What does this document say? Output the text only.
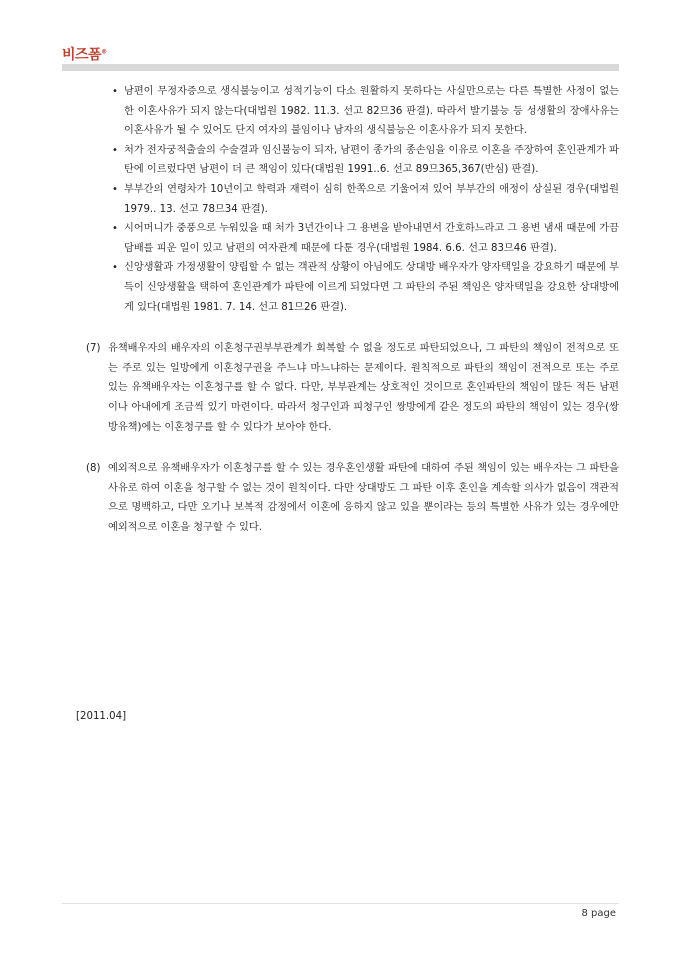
비즈폼®
• 남편이 무정자증으로 생식불능이고 성적기능이 다소 원활하지 못하다는 사실만으로는 다른 특별한 사정이 없는 한 이혼사유가 되지 않는다(대법원 1982. 11.3. 선고 82므36 판결). 따라서 발기불능 등 성생활의 장애사유는 이혼사유가 될 수 있어도 단지 여자의 불임이나 남자의 생식불능은 이혼사유가 되지 못한다.
• 처가 전자궁적출술의 수술결과 임신불능이 되자, 남편이 종가의 종손임을 이유로 이혼을 주장하여 혼인관계가 파탄에 이르렀다면 남편이 더 큰 책임이 있다(대법원 1991..6. 선고 89므365,367(반심) 판결).
• 부부간의 연령차가 10년이고 학력과 재력이 심히 한쪽으로 기울어져 있어 부부간의 애정이 상실된 경우(대법원 1979.. 13. 선고 78므34 판결).
• 시어머니가 중풍으로 누워있을 때 처가 3년간이나 그 용변을 받아내면서 간호하느라고 그 용변 냄새 때문에 가끔 담배를 피운 일이 있고 남편의 여자관계 때문에 다툰 경우(대법원 1984. 6.6. 선고 83므46 판결).
• 신앙생활과 가정생활이 양립할 수 없는 객관적 상황이 아님에도 상대방 배우자가 양자택일을 강요하기 때문에 부득이 신앙생활을 택하여 혼인관계가 파탄에 이르게 되었다면 그 파탄의 주된 책임은 양자택일을 강요한 상대방에게 있다(대법원 1981. 7. 14. 선고 81므26 판결).
(7) 유책배우자의 배우자의 이혼청구권부부관계가 회복할 수 없을 정도로 파탄되었으나, 그 파탄의 책임이 전적으로 또는 주로 있는 일방에게 이혼청구권을 주느냐 마느냐하는 문제이다. 원칙적으로 파탄의 책임이 전적으로 또는 주로 있는 유책배우자는 이혼청구를 할 수 없다. 다만, 부부관계는 상호적인 것이므로 혼인파탄의 책임이 많든 적든 남편이나 아내에게 조금씩 있기 마련이다. 따라서 청구인과 피청구인 쌍방에게 같은 정도의 파탄의 책임이 있는 경우(쌍방유책)에는 이혼청구를 할 수 있다가 보아야 한다.
(8) 예외적으로 유책배우자가 이혼청구를 할 수 있는 경우혼인생활 파탄에 대하여 주된 책임이 있는 배우자는 그 파탄을 사유로 하여 이혼을 청구할 수 없는 것이 원칙이다. 다만 상대방도 그 파탄 이후 혼인을 계속할 의사가 없음이 객관적으로 명백하고, 다만 오기나 보복적 감정에서 이혼에 응하지 않고 있을 뿐이라는 등의 특별한 사유가 있는 경우에만 예외적으로 이혼을 청구할 수 있다.
[2011.04]
8 page
